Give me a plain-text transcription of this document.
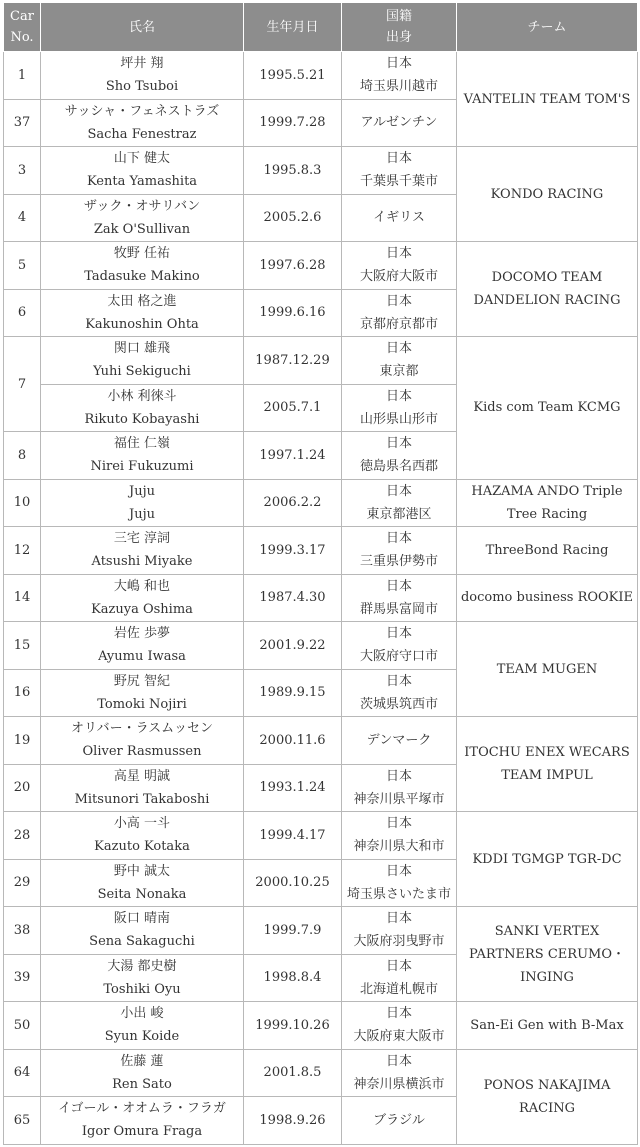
Car
No.	氏名	生年月日	国籍
出身	チーム
1	坪井 翔
Sho Tsuboi	1995.5.21	日本
埼玉県川越市	VANTELIN TEAM TOM'S

37	サッシャ・フェネストラズ
Sacha Fenestraz	1999.7.28	アルゼンチン	

3	山下 健太
Kenta Yamashita	1995.8.3	日本
千葉県千葉市	KONDO RACING

4	ザック・オサリバン
Zak O'Sullivan	2005.2.6	イギリス	

5	牧野 任祐
Tadasuke Makino	1997.6.28	日本
大阪府大阪市	DOCOMO TEAM
DANDELION RACING

6	太田 格之進
Kakunoshin Ohta	1999.6.16	日本
京都府京都市	

7	関口 雄飛
Yuhi Sekiguchi	1987.12.29	日本
東京都	Kids com Team KCMG

	小林 利徠斗
Rikuto Kobayashi	2005.7.1	日本
山形県山形市	

8	福住 仁嶺
Nirei Fukuzumi	1997.1.24	日本
徳島県名西郡	

10	Juju
Juju	2006.2.2	日本
東京都港区	HAZAMA ANDO Triple
Tree Racing

12	三宅 淳詞
Atsushi Miyake	1999.3.17	日本
三重県伊勢市	ThreeBond Racing

14	大嶋 和也
Kazuya Oshima	1987.4.30	日本
群馬県富岡市	docomo business ROOKIE

15	岩佐 歩夢
Ayumu Iwasa	2001.9.22	日本
大阪府守口市	TEAM MUGEN

16	野尻 智紀
Tomoki Nojiri	1989.9.15	日本
茨城県筑西市	

19	オリバー・ラスムッセン
Oliver Rasmussen	2000.11.6	デンマーク	ITOCHU ENEX WECARS
TEAM IMPUL

20	高星 明誠
Mitsunori Takaboshi	1993.1.24	日本
神奈川県平塚市	

28	小高 一斗
Kazuto Kotaka	1999.4.17	日本
神奈川県大和市	KDDI TGMGP TGR-DC

29	野中 誠太
Seita Nonaka	2000.10.25	日本
埼玉県さいたま市	

38	阪口 晴南
Sena Sakaguchi	1999.7.9	日本
大阪府羽曳野市	SANKI VERTEX
PARTNERS CERUMO・
INGING

39	大湯 都史樹
Toshiki Oyu	1998.8.4	日本
北海道札幌市	

50	小出 峻
Syun Koide	1999.10.26	日本
大阪府東大阪市	San-Ei Gen with B-Max

64	佐藤 蓮
Ren Sato	2001.8.5	日本
神奈川県横浜市	PONOS NAKAJIMA
RACING

65	イゴール・オオムラ・フラガ
Igor Omura Fraga	1998.9.26	ブラジル	
